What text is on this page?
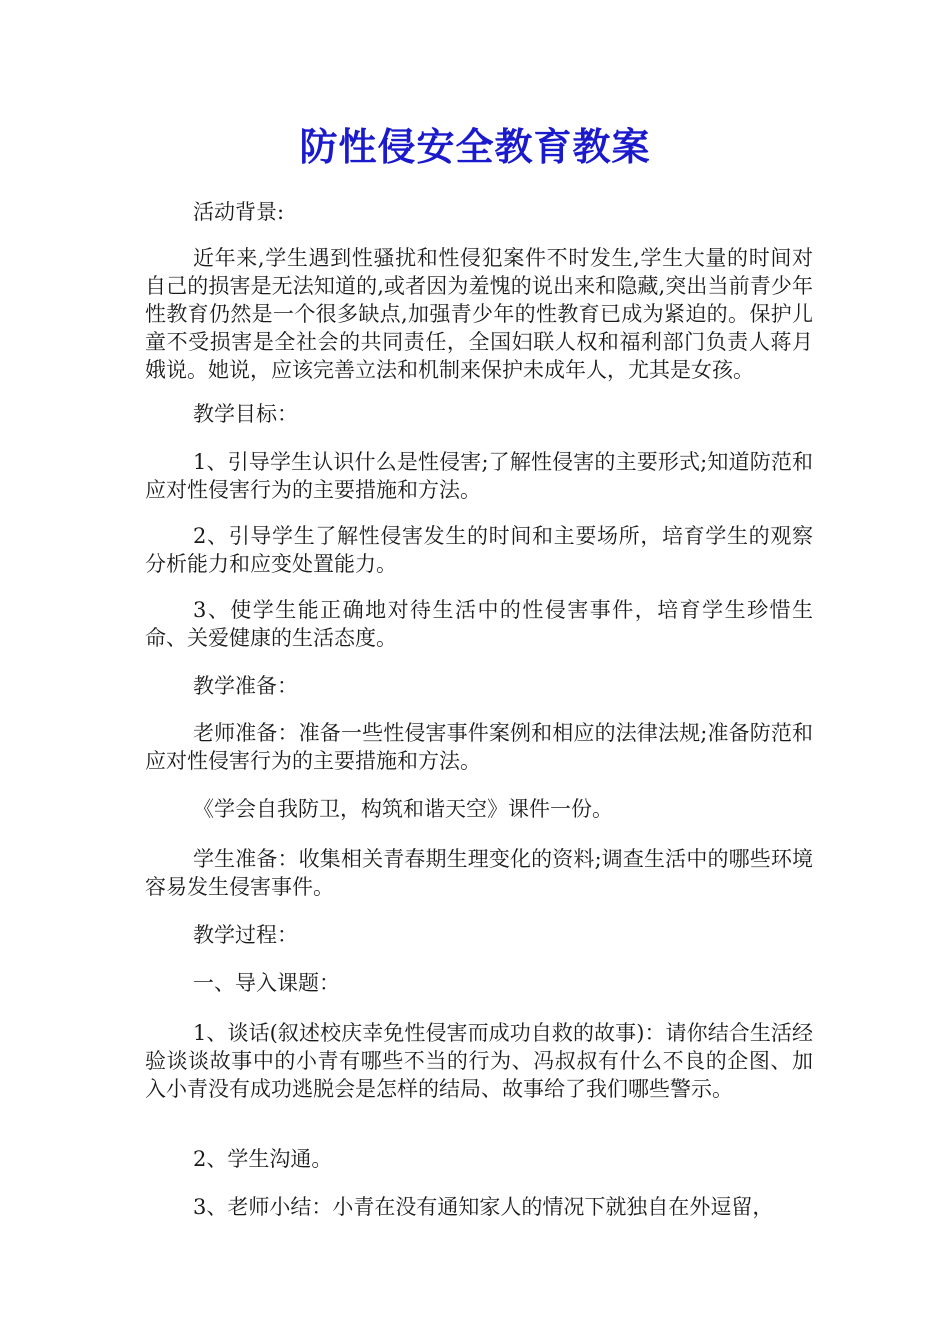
防性侵安全教育教案

活动背景:

近年来,学生遇到性骚扰和性侵犯案件不时发生,学生大量的时间对自己的损害是无法知道的,或者因为羞愧的说出来和隐藏,突出当前青少年性教育仍然是一个很多缺点,加强青少年的性教育已成为紧迫的。保护儿童不受损害是全社会的共同责任，全国妇联人权和福利部门负责人蒋月娥说。她说，应该完善立法和机制来保护未成年人，尤其是女孩。

教学目标：

1、引导学生认识什么是性侵害;了解性侵害的主要形式;知道防范和应对性侵害行为的主要措施和方法。

2、引导学生了解性侵害发生的时间和主要场所，培育学生的观察分析能力和应变处置能力。

3、使学生能正确地对待生活中的性侵害事件，培育学生珍惜生命、关爱健康的生活态度。

教学准备：

老师准备：准备一些性侵害事件案例和相应的法律法规;准备防范和应对性侵害行为的主要措施和方法。

《学会自我防卫，构筑和谐天空》课件一份。

学生准备：收集相关青春期生理变化的资料;调查生活中的哪些环境容易发生侵害事件。

教学过程：

一、导入课题：

1、谈话(叙述校庆幸免性侵害而成功自救的故事)：请你结合生活经验谈谈故事中的小青有哪些不当的行为、冯叔叔有什么不良的企图、加入小青没有成功逃脱会是怎样的结局、故事给了我们哪些警示。

2、学生沟通。

3、老师小结：小青在没有通知家人的情况下就独自在外逗留，
